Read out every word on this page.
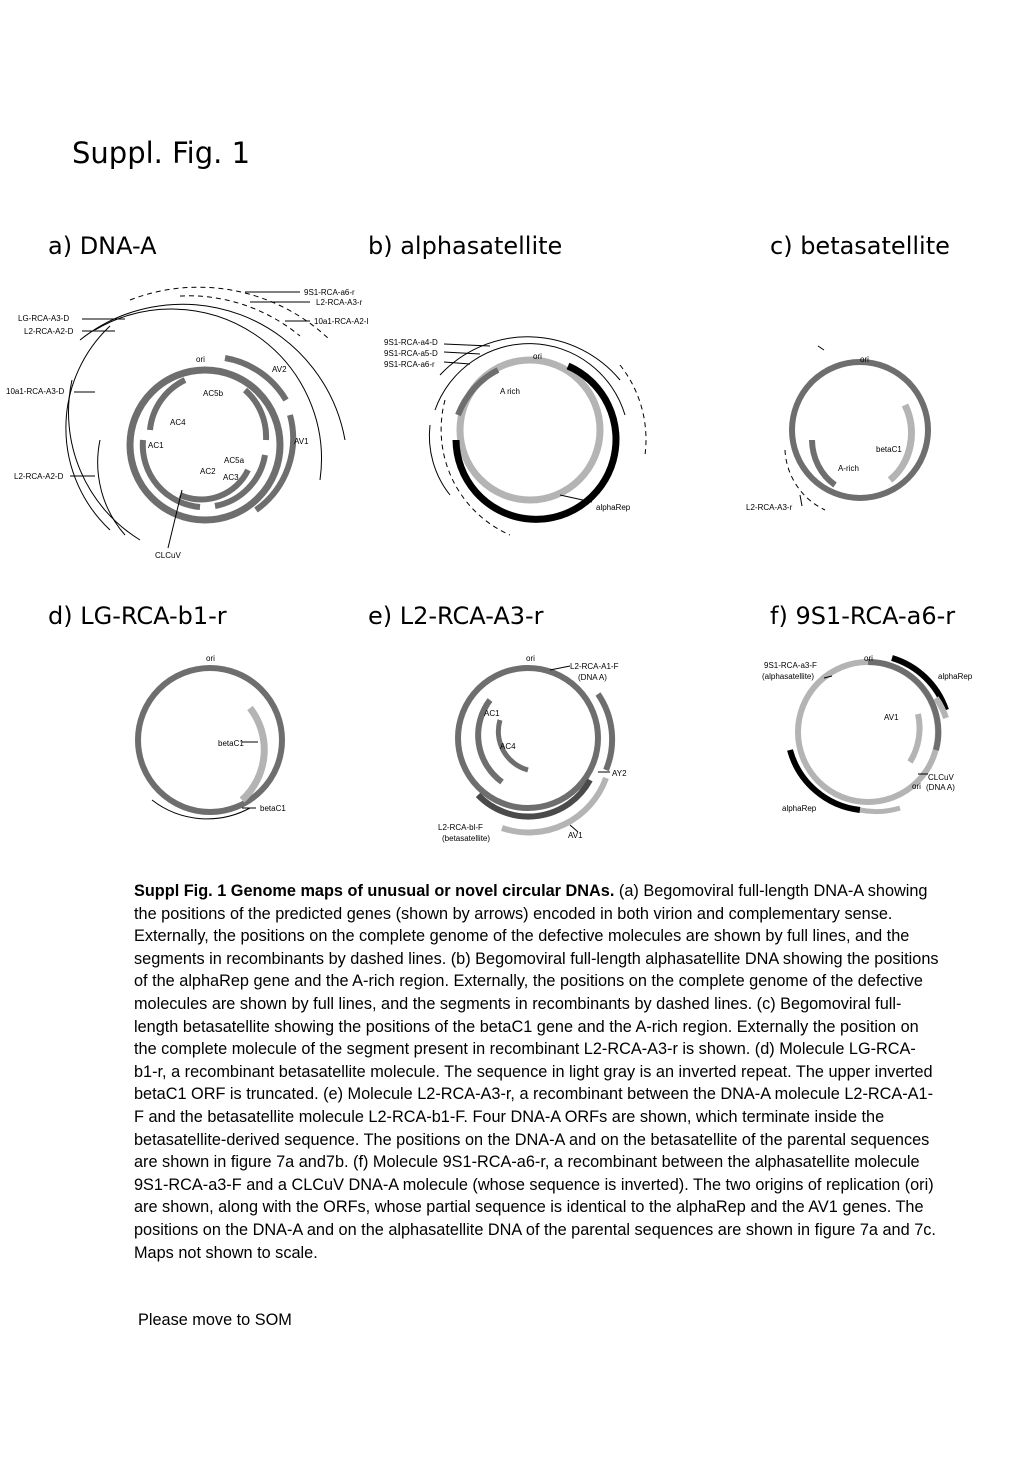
Suppl. Fig. 1
a) DNA-A	b) alphasatellite	c) betasatellite
d) LG-RCA-b1-r	e) L2-RCA-A3-r	f) 9S1-RCA-a6-r
9S1-RCA-a6-r
L2-RCA-A3-r
10a1-RCA-A2-I
LG-RCA-A3-D
L2-RCA-A2-D
10a1-RCA-A3-D
L2-RCA-A2-D
ori
AV2
AC5b
AC4
AV1
AC1
AC5a
AC2
AC3
CLCuV
9S1-RCA-a4-D
9S1-RCA-a5-D
9S1-RCA-a6-r
ori
A rich
alphaRep
ori
betaC1
A-rich
L2-RCA-A3-r
ori
betaC1
betaC1
ori
L2-RCA-A1-F
(DNA A)
AC1
AC4
AY2
L2-RCA-bl-F
(betasatellite)	AV1
9S1-RCA-a3-F
(alphasatellite)
ori
alphaRep
AV1
CLCuV
(DNA A)
ori
alphaRep

Suppl Fig. 1 Genome maps of unusual or novel circular DNAs. (a) Begomoviral full-length DNA-A showing the positions of the predicted genes (shown by arrows) encoded in both virion and complementary sense. Externally, the positions on the complete genome of the defective molecules are shown by full lines, and the segments in recombinants by dashed lines. (b) Begomoviral full-length alphasatellite DNA showing the positions of the alphaRep gene and the A-rich region. Externally, the positions on the complete genome of the defective molecules are shown by full lines, and the segments in recombinants by dashed lines. (c) Begomoviral full-length betasatellite showing the positions of the betaC1 gene and the A-rich region. Externally the position on the complete molecule of the segment present in recombinant L2-RCA-A3-r is shown. (d) Molecule LG-RCA-b1-r, a recombinant betasatellite molecule. The sequence in light gray is an inverted repeat. The upper inverted betaC1 ORF is truncated. (e) Molecule L2-RCA-A3-r, a recombinant between the DNA-A molecule L2-RCA-A1-F and the betasatellite molecule L2-RCA-b1-F. Four DNA-A ORFs are shown, which terminate inside the betasatellite-derived sequence. The positions on the DNA-A and on the betasatellite of the parental sequences are shown in figure 7a and7b. (f) Molecule 9S1-RCA-a6-r, a recombinant between the alphasatellite molecule 9S1-RCA-a3-F and a CLCuV DNA-A molecule (whose sequence is inverted). The two origins of replication (ori) are shown, along with the ORFs, whose partial sequence is identical to the alphaRep and the AV1 genes. The positions on the DNA-A and on the alphasatellite DNA of the parental sequences are shown in figure 7a and 7c. Maps not shown to scale.

Please move to SOM
